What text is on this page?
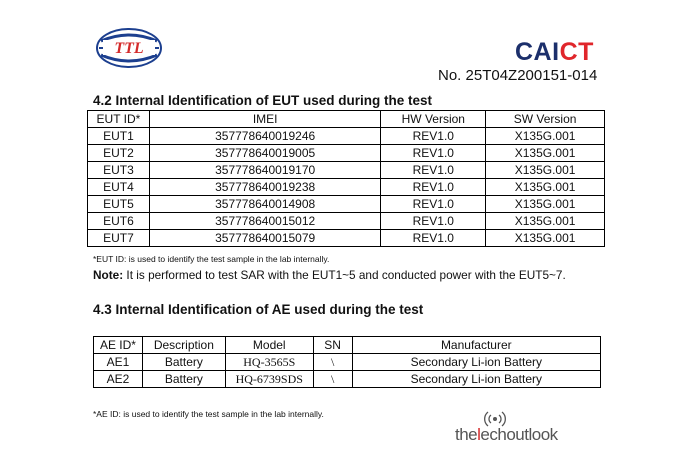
TTL	CAICT
No. 25T04Z200151-014
4.2 Internal Identification of EUT used during the test
EUT ID*	IMEI	HW Version	SW Version
EUT1	357778640019246	REV1.0	X135G.001
EUT2	357778640019005	REV1.0	X135G.001
EUT3	357778640019170	REV1.0	X135G.001
EUT4	357778640019238	REV1.0	X135G.001
EUT5	357778640014908	REV1.0	X135G.001
EUT6	357778640015012	REV1.0	X135G.001
EUT7	357778640015079	REV1.0	X135G.001
*EUT ID: is used to identify the test sample in the lab internally.
Note: It is performed to test SAR with the EUT1~5 and conducted power with the EUT5~7.
4.3 Internal Identification of AE used during the test
AE ID*	Description	Model	SN	Manufacturer
AE1	Battery	HQ-3565S	\	Secondary Li-ion Battery
AE2	Battery	HQ-6739SDS	\	Secondary Li-ion Battery
*AE ID: is used to identify the test sample in the lab internally.
thelechoutlook
